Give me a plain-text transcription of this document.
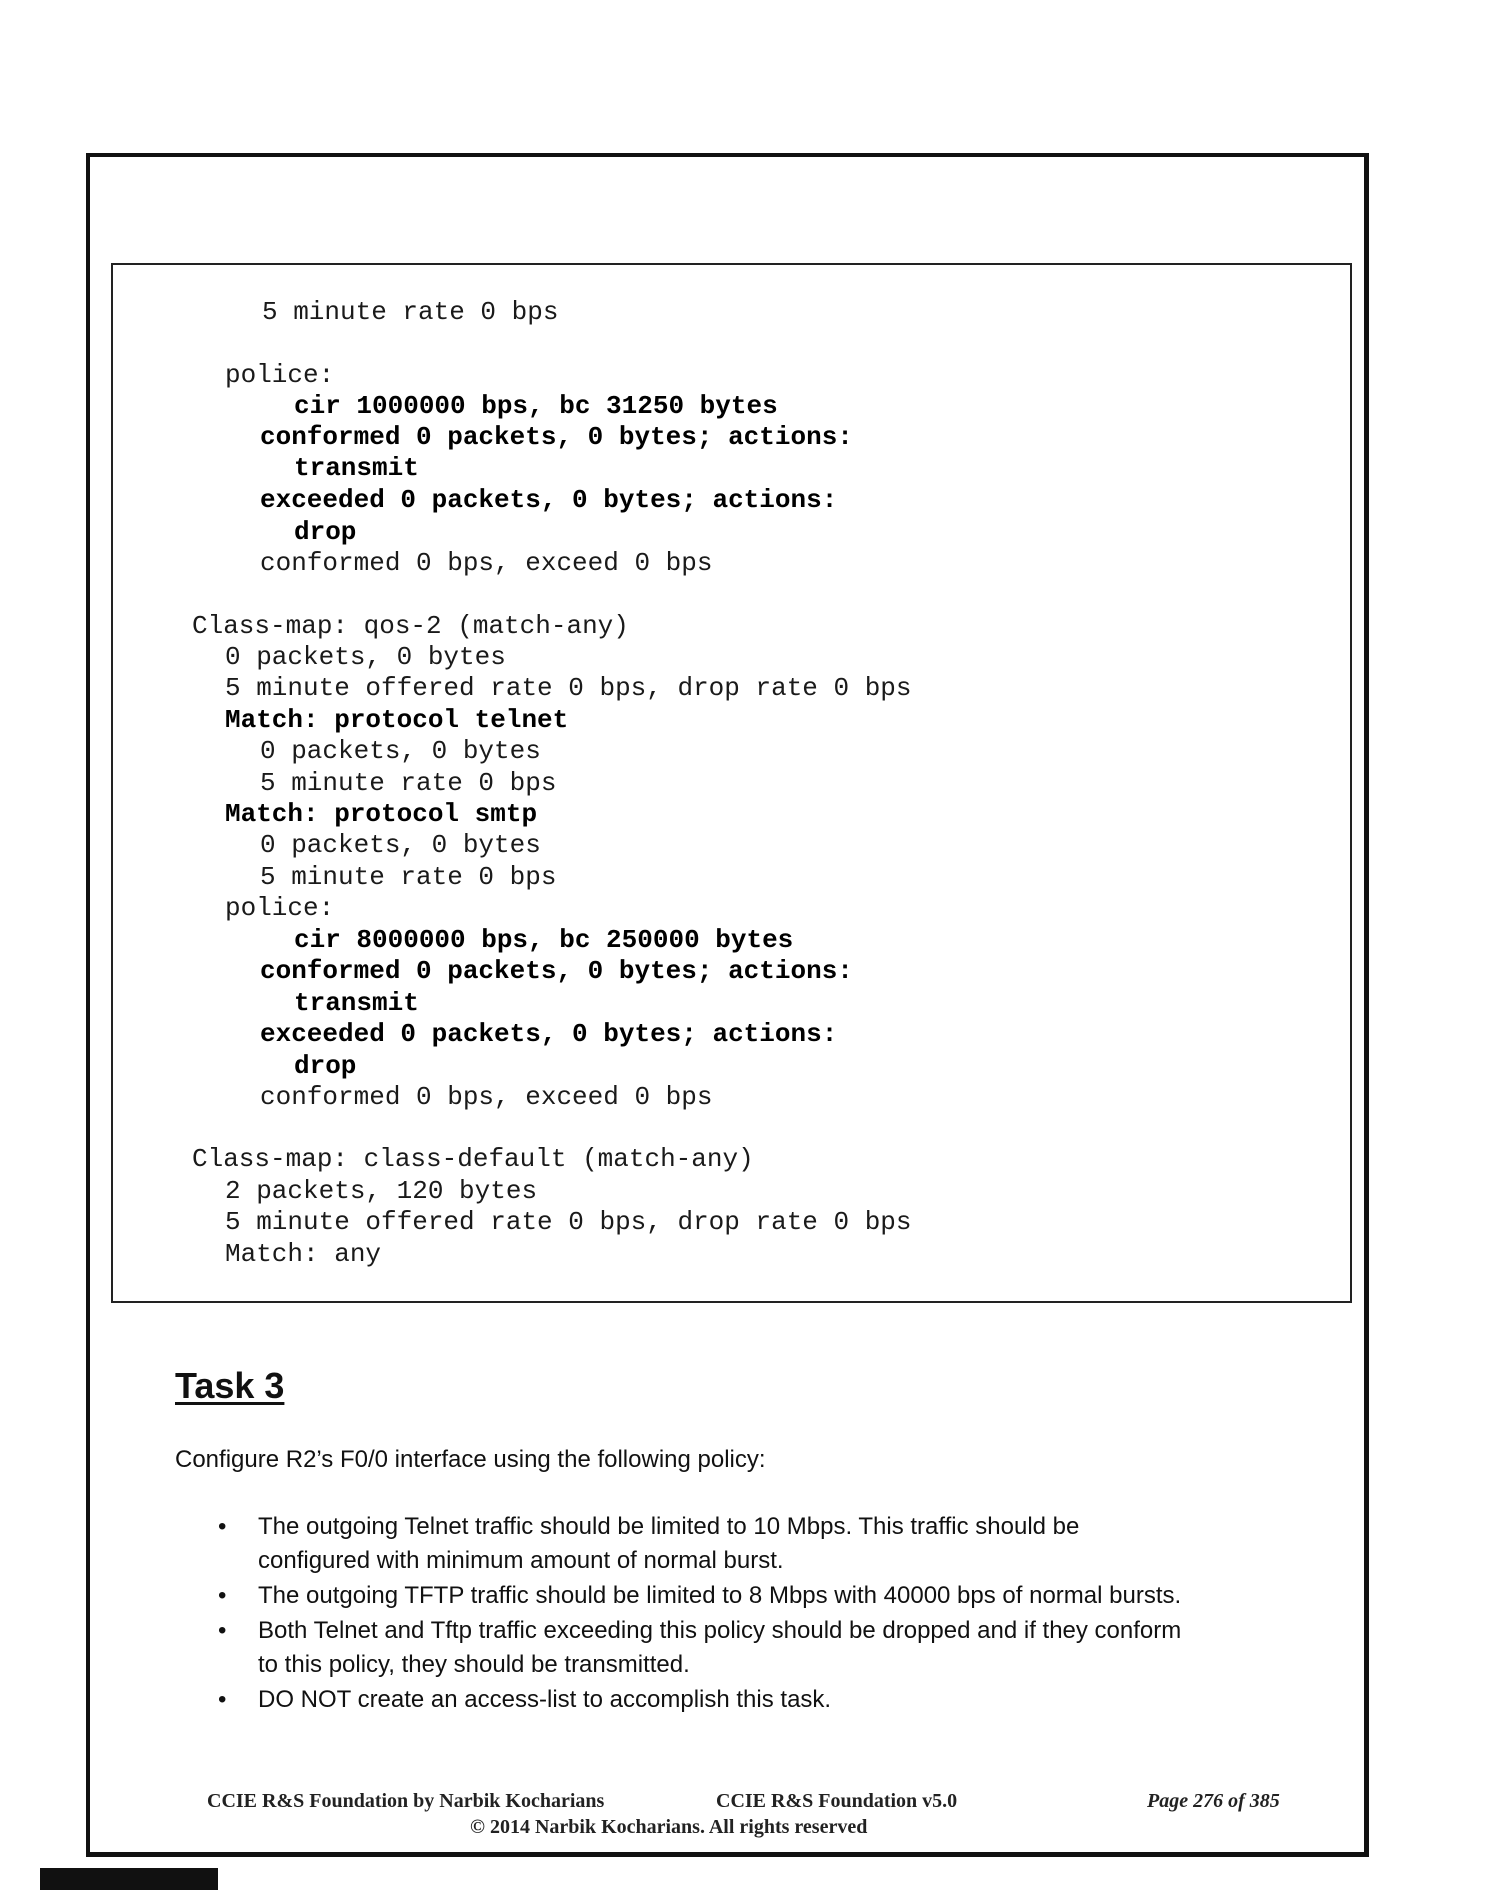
5 minute rate 0 bps
police:
cir 1000000 bps, bc 31250 bytes
conformed 0 packets, 0 bytes; actions:
transmit
exceeded 0 packets, 0 bytes; actions:
drop
conformed 0 bps, exceed 0 bps
Class-map: qos-2 (match-any)
0 packets, 0 bytes
5 minute offered rate 0 bps, drop rate 0 bps
Match: protocol telnet
0 packets, 0 bytes
5 minute rate 0 bps
Match: protocol smtp
0 packets, 0 bytes
5 minute rate 0 bps
police:
cir 8000000 bps, bc 250000 bytes
conformed 0 packets, 0 bytes; actions:
transmit
exceeded 0 packets, 0 bytes; actions:
drop
conformed 0 bps, exceed 0 bps
Class-map: class-default (match-any)
2 packets, 120 bytes
5 minute offered rate 0 bps, drop rate 0 bps
Match: any
Task 3
Configure R2’s F0/0 interface using the following policy:
• The outgoing Telnet traffic should be limited to 10 Mbps. This traffic should be configured with minimum amount of normal burst.
• The outgoing TFTP traffic should be limited to 8 Mbps with 40000 bps of normal bursts.
• Both Telnet and Tftp traffic exceeding this policy should be dropped and if they conform to this policy, they should be transmitted.
• DO NOT create an access-list to accomplish this task.
CCIE R&S Foundation by Narbik Kocharians	CCIE R&S Foundation v5.0
© 2014 Narbik Kocharians. All rights reserved
Page 276 of 385
